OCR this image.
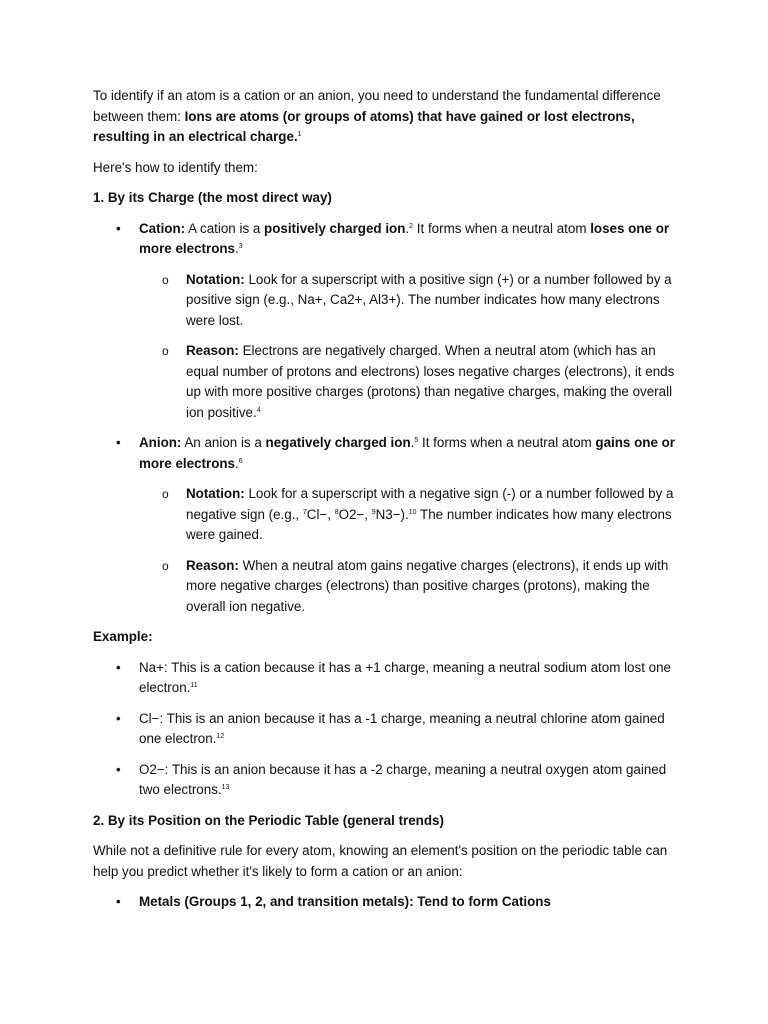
To identify if an atom is a cation or an anion, you need to understand the fundamental difference between them: Ions are atoms (or groups of atoms) that have gained or lost electrons, resulting in an electrical charge.$^1$

Here's how to identify them:

1. By its Charge (the most direct way)

• Cation: A cation is a positively charged ion.$^2$ It forms when a neutral atom loses one or more electrons.$^3$

o Notation: Look for a superscript with a positive sign (+) or a number followed by a positive sign (e.g., Na+, Ca2+, Al3+). The number indicates how many electrons were lost.

o Reason: Electrons are negatively charged. When a neutral atom (which has an equal number of protons and electrons) loses negative charges (electrons), it ends up with more positive charges (protons) than negative charges, making the overall ion positive.$^4$

• Anion: An anion is a negatively charged ion.$^5$ It forms when a neutral atom gains one or more electrons.$^6$

o Notation: Look for a superscript with a negative sign (-) or a number followed by a negative sign (e.g., $^7$Cl−, $^8$O2−, $^9$N3−).$^{10}$ The number indicates how many electrons were gained.

o Reason: When a neutral atom gains negative charges (electrons), it ends up with more negative charges (electrons) than positive charges (protons), making the overall ion negative.

Example:

• Na+: This is a cation because it has a +1 charge, meaning a neutral sodium atom lost one electron.$^{11}$

• Cl−: This is an anion because it has a -1 charge, meaning a neutral chlorine atom gained one electron.$^{12}$

• O2−: This is an anion because it has a -2 charge, meaning a neutral oxygen atom gained two electrons.$^{13}$

2. By its Position on the Periodic Table (general trends)

While not a definitive rule for every atom, knowing an element's position on the periodic table can help you predict whether it's likely to form a cation or an anion:

• Metals (Groups 1, 2, and transition metals): Tend to form Cations
